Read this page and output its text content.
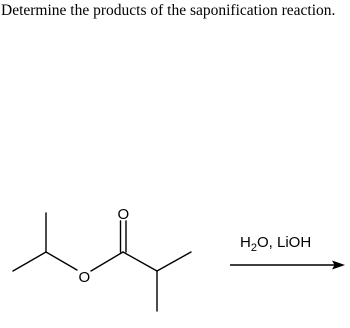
Determine the products of the saponification reaction.
O
O
$H_2O$, LiOH
